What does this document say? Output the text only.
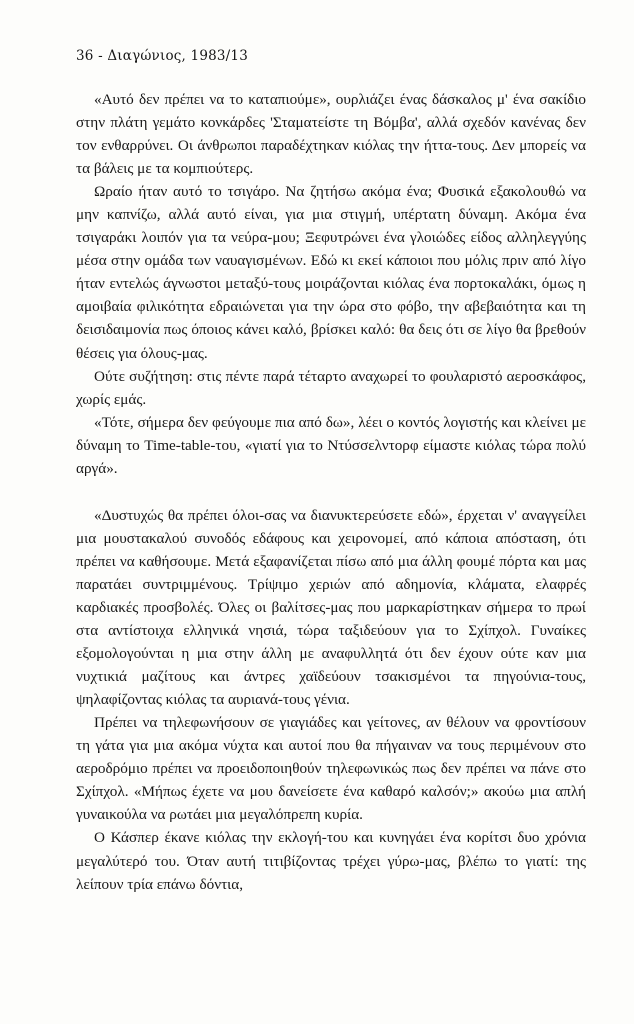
36 - Διαγώνιος, 1983/13

«Αυτό δεν πρέπει να το καταπιούμε», ουρλιάζει ένας δάσκαλος μ' ένα σακίδιο στην πλάτη γεμάτο κονκάρδες 'Σταματείστε τη Βόμβα', αλλά σχεδόν κανένας δεν τον ενθαρρύνει. Οι άνθρωποι παραδέχτηκαν κιόλας την ήττα-τους. Δεν μπορείς να τα βάλεις με τα κομπιούτερς.

Ωραίο ήταν αυτό το τσιγάρο. Να ζητήσω ακόμα ένα; Φυσικά εξακολουθώ να μην καπνίζω, αλλά αυτό είναι, για μια στιγμή, υπέρτατη δύναμη. Ακόμα ένα τσιγαράκι λοιπόν για τα νεύρα-μου; Ξεφυτρώνει ένα γλοιώδες είδος αλληλεγγύης μέσα στην ομάδα των ναυαγισμένων. Εδώ κι εκεί κάποιοι που μόλις πριν από λίγο ήταν εντελώς άγνωστοι μεταξύ-τους μοιράζονται κιόλας ένα πορτοκαλάκι, όμως η αμοιβαία φιλικότητα εδραιώνεται για την ώρα στο φόβο, την αβεβαιότητα και τη δεισιδαιμονία πως όποιος κάνει καλό, βρίσκει καλό: θα δεις ότι σε λίγο θα βρεθούν θέσεις για όλους-μας.

Ούτε συζήτηση: στις πέντε παρά τέταρτο αναχωρεί το φουλαριστό αεροσκάφος, χωρίς εμάς.

«Τότε, σήμερα δεν φεύγουμε πια από δω», λέει ο κοντός λογιστής και κλείνει με δύναμη το Time-table-του, «γιατί για το Ντύσσελντορφ είμαστε κιόλας τώρα πολύ αργά».

«Δυστυχώς θα πρέπει όλοι-σας να διανυκτερεύσετε εδώ», έρχεται ν' αναγγείλει μια μουστακαλού συνοδός εδάφους και χειρονομεί, από κάποια απόσταση, ότι πρέπει να καθήσουμε. Μετά εξαφανίζεται πίσω από μια άλλη φουμέ πόρτα και μας παρατάει συντριμμένους. Τρίψιμο χεριών από αδημονία, κλάματα, ελαφρές καρδιακές προσβολές. Όλες οι βαλίτσες-μας που μαρκαρίστηκαν σήμερα το πρωί στα αντίστοιχα ελληνικά νησιά, τώρα ταξιδεύουν για το Σχίπχολ. Γυναίκες εξομολογούνται η μια στην άλλη με αναφυλλητά ότι δεν έχουν ούτε καν μια νυχτικιά μαζίτους και άντρες χαϊδεύουν τσακισμένοι τα πηγούνια-τους, ψηλαφίζοντας κιόλας τα αυριανά-τους γένια.

Πρέπει να τηλεφωνήσουν σε γιαγιάδες και γείτονες, αν θέλουν να φροντίσουν τη γάτα για μια ακόμα νύχτα και αυτοί που θα πήγαιναν να τους περιμένουν στο αεροδρόμιο πρέπει να προειδοποιηθούν τηλεφωνικώς πως δεν πρέπει να πάνε στο Σχίπχολ. «Μήπως έχετε να μου δανείσετε ένα καθαρό καλσόν;» ακούω μια απλή γυναικούλα να ρωτάει μια μεγαλόπρεπη κυρία.

Ο Κάσπερ έκανε κιόλας την εκλογή-του και κυνηγάει ένα κορίτσι δυο χρόνια μεγαλύτερό του. Όταν αυτή τιτιβίζοντας τρέχει γύρω-μας, βλέπω το γιατί: της λείπουν τρία επάνω δόντια,
